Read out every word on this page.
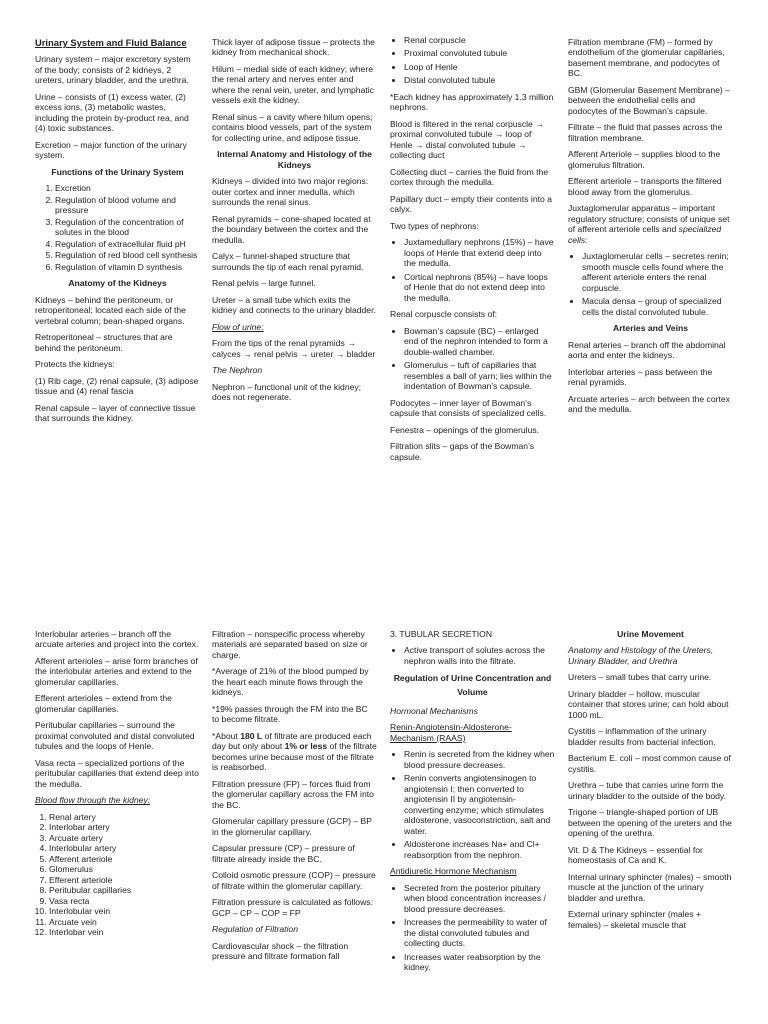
Urinary System and Fluid Balance

Urinary system – major excretory system of the body; consists of 2 kidneys, 2 ureters, urinary bladder, and the urethra.

Urine – consists of (1) excess water, (2) excess ions, (3) metabolic wastes, including the protein by-product rea, and (4) toxic substances.

Excretion – major function of the urinary system.

Functions of the Urinary System

1. Excretion
2. Regulation of blood volume and pressure
3. Regulation of the concentration of solutes in the blood
4. Regulation of extracellular fluid pH
5. Regulation of red blood cell synthesis
6. Regulation of vitamin D synthesis

Anatomy of the Kidneys

Kidneys – behind the peritoneum, or retroperitoneal; located each side of the vertebral column; bean-shaped organs.

Retroperitoneal – structures that are behind the peritoneum.

Protects the kidneys:

(1) Rib cage, (2) renal capsule, (3) adipose tissue and (4) renal fascia

Renal capsule – layer of connective tissue that surrounds the kidney.

Thick layer of adipose tissue – protects the kidney from mechanical shock.

Hilum – medial side of each kidney; where the renal artery and nerves enter and where the renal vein, ureter, and lymphatic vessels exit the kidney.

Renal sinus – a cavity where hilum opens; contains blood vessels, part of the system for collecting urine, and adipose tissue.

Internal Anatomy and Histology of the Kidneys

Kidneys – divided into two major regions: outer cortex and inner medulla, which surrounds the renal sinus.

Renal pyramids – cone-shaped located at the boundary between the cortex and the medulla.

Calyx – funnel-shaped structure that surrounds the tip of each renal pyramid.

Renal pelvis – large funnel.

Ureter – a small tube which exits the kidney and connects to the urinary bladder.

Flow of urine:

From the tips of the renal pyramids → calyces → renal pelvis → ureter → bladder

The Nephron

Nephron – functional unit of the kidney; does not regenerate.

• Renal corpuscle
• Proximal convoluted tubule
• Loop of Henle
• Distal convoluted tubule

*Each kidney has approximately 1.3 million nephrons.

Blood is filtered in the renal corpuscle → proximal convoluted tubule → loop of Henle → distal convoluted tubule → collecting duct

Collecting duct – carries the fluid from the cortex through the medulla.

Papillary duct – empty their contents into a calyx.

Two types of nephrons:

• Juxtamedullary nephrons (15%) – have loops of Henle that extend deep into the medulla.
• Cortical nephrons (85%) – have loops of Henle that do not extend deep into the medulla.

Renal corpuscle consists of:

• Bowman’s capsule (BC) – enlarged end of the nephron intended to form a double-walled chamber.
• Glomerulus – tuft of capillaries that resembles a ball of yarn; lies within the indentation of Bowman’s capsule.

Podocytes – inner layer of Bowman’s capsule that consists of specialized cells.

Fenestra – openings of the glomerulus.

Filtration slits – gaps of the Bowman’s capsule.

Filtration membrane (FM) – formed by endothelium of the glomerular capillaries, basement membrane, and podocytes of BC.

GBM (Glomerular Basement Membrane) – between the endothelial cells and podocytes of the Bowman’s capsule.

Filtrate – the fluid that passes across the filtration membrane.

Afferent Arteriole – supplies blood to the glomerulus filtration.

Efferent arteriole – transports the filtered blood away from the glomerulus.

Juxtaglomerular apparatus – important regulatory structure; consists of unique set of afferent arteriole cells and specialized cells:

• Juxtaglomerular cells – secretes renin; smooth muscle cells found where the afferent arteriole enters the renal corpuscle.
• Macula densa – group of specialized cells the distal convoluted tubule.

Arteries and Veins

Renal arteries – branch off the abdominal aorta and enter the kidneys.

Interlobar arteries – pass between the renal pyramids.

Arcuate arteries – arch between the cortex and the medulla.

Interlobular arteries – branch off the arcuate arteries and project into the cortex.

Afferent arterioles – arise form branches of the interlobular arteries and extend to the glomerular capillaries.

Efferent arterioles – extend from the glomerular capillaries.

Peritubular capillaries – surround the proximal convoluted and distal convoluted tubules and the loops of Henle.

Vasa recta – specialized portions of the peritubular capillaries that extend deep into the medulla.

Blood flow through the kidney:

1. Renal artery
2. Interlobar artery
3. Arcuate artery
4. Interlobular artery
5. Afferent arteriole
6. Glomerulus
7. Efferent arteriole
8. Peritubular capillaries
9. Vasa recta
10. Interlobular vein
11. Arcuate vein
12. Interlobar vein

Filtration – nonspecific process whereby materials are separated based on size or charge.

*Average of 21% of the blood pumped by the heart each minute flows through the kidneys.

*19% passes through the FM into the BC to become filtrate.

*About 180 L of filtrate are produced each day but only about 1% or less of the filtrate becomes urine because most of the filtrate is reabsorbed.

Filtration pressure (FP) – forces fluid from the glomerular capillary across the FM into the BC.

Glomerular capillary pressure (GCP) – BP in the glomerular capillary.

Capsular pressure (CP) – pressure of filtrate already inside the BC.

Colloid osmotic pressure (COP) – pressure of filtrate within the glomerular capillary.

Filtration pressure is calculated as follows: GCP – CP – COP = FP

Regulation of Filtration

Cardiovascular shock – the filtration pressure and filtrate formation fall

3. TUBULAR SECRETION

• Active transport of solutes across the nephron walls into the filtrate.

Regulation of Urine Concentration and Volume

Hormonal Mechanisms

Renin-Angiotensin-Aldosterone-Mechanism (RAAS)

• Renin is secreted from the kidney when blood pressure decreases.
• Renin converts angiotensinogen to angiotensin I; then converted to angiotensin II by angiotensin-converting enzyme; which stimulates aldosterone, vasoconstriction, salt and water.
• Aldosterone increases Na+ and Cl+ reabsorption from the nephron.

Antidiuretic Hormone Mechanism

• Secreted from the posterior pituitary when blood concentration increases / blood pressure decreases.
• Increases the permeability to water of the distal convoluted tubules and collecting ducts.
• Increases water reabsorption by the kidney.

Urine Movement

Anatomy and Histology of the Ureters, Urinary Bladder, and Urethra

Ureters – small tubes that carry urine.

Urinary bladder – hollow, muscular container that stores urine; can hold about 1000 mL.

Cystitis – inflammation of the urinary bladder results from bacterial infection.

Bacterium E. coli – most common cause of cystitis.

Urethra – tube that carries urine form the urinary bladder to the outside of the body.

Trigone – triangle-shaped portion of UB between the opening of the ureters and the opening of the urethra.

Vit. D & The Kidneys – essential for homeostasis of Ca and K.

Internal urinary sphincter (males) – smooth muscle at the junction of the urinary bladder and urethra.

External urinary sphincter (males + females) – skeletal muscle that
